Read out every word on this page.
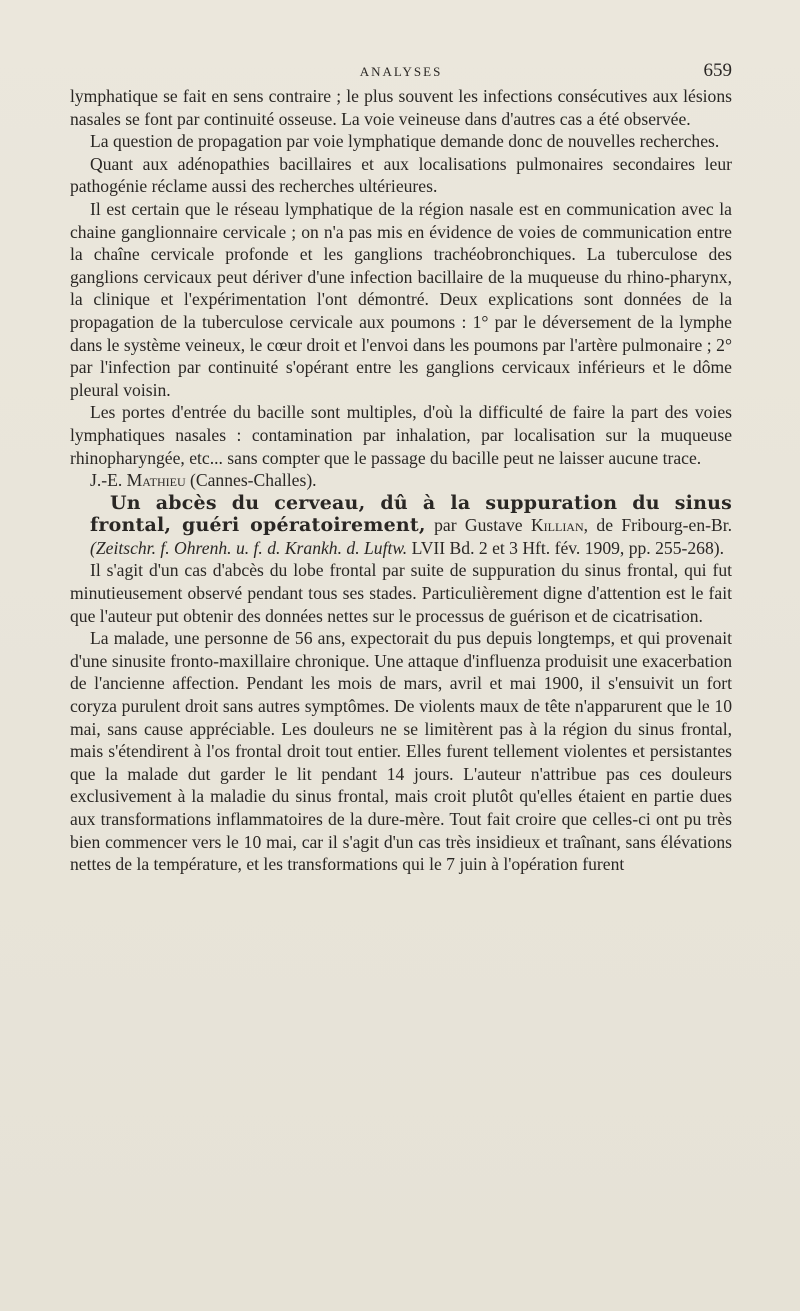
ANALYSES	659

lymphatique se fait en sens contraire ; le plus souvent les infections consécutives aux lésions nasales se font par continuité osseuse. La voie veineuse dans d'autres cas a été observée.

La question de propagation par voie lymphatique demande donc de nouvelles recherches.

Quant aux adénopathies bacillaires et aux localisations pulmonaires secondaires leur pathogénie réclame aussi des recherches ultérieures.

Il est certain que le réseau lymphatique de la région nasale est en communication avec la chaine ganglionnaire cervicale ; on n'a pas mis en évidence de voies de communication entre la chaîne cervicale profonde et les ganglions trachéobronchiques. La tuberculose des ganglions cervicaux peut dériver d'une infection bacillaire de la muqueuse du rhino-pharynx, la clinique et l'expérimentation l'ont démontré. Deux explications sont données de la propagation de la tuberculose cervicale aux poumons : 1° par le déversement de la lymphe dans le système veineux, le cœur droit et l'envoi dans les poumons par l'artère pulmonaire ; 2° par l'infection par continuité s'opérant entre les ganglions cervicaux inférieurs et le dôme pleural voisin.

Les portes d'entrée du bacille sont multiples, d'où la difficulté de faire la part des voies lymphatiques nasales : contamination par inhalation, par localisation sur la muqueuse rhinopharyngée, etc... sans compter que le passage du bacille peut ne laisser aucune trace.

J.-E. Mathieu (Cannes-Challes).

Un abcès du cerveau, dû à la suppuration du sinus frontal, guéri opératoirement, par Gustave Killian, de Fribourg-en-Br. (Zeitschr. f. Ohrenh. u. f. d. Krankh. d. Luftw. LVII Bd. 2 et 3 Hft. fév. 1909, pp. 255-268).

Il s'agit d'un cas d'abcès du lobe frontal par suite de suppuration du sinus frontal, qui fut minutieusement observé pendant tous ses stades. Particulièrement digne d'attention est le fait que l'auteur put obtenir des données nettes sur le processus de guérison et de cicatrisation.

La malade, une personne de 56 ans, expectorait du pus depuis longtemps, et qui provenait d'une sinusite fronto-maxillaire chronique. Une attaque d'influenza produisit une exacerbation de l'ancienne affection. Pendant les mois de mars, avril et mai 1900, il s'ensuivit un fort coryza purulent droit sans autres symptômes. De violents maux de tête n'apparurent que le 10 mai, sans cause appréciable. Les douleurs ne se limitèrent pas à la région du sinus frontal, mais s'étendirent à l'os frontal droit tout entier. Elles furent tellement violentes et persistantes que la malade dut garder le lit pendant 14 jours. L'auteur n'attribue pas ces douleurs exclusivement à la maladie du sinus frontal, mais croit plutôt qu'elles étaient en partie dues aux transformations inflammatoires de la dure-mère. Tout fait croire que celles-ci ont pu très bien commencer vers le 10 mai, car il s'agit d'un cas très insidieux et traînant, sans élévations nettes de la température, et les transformations qui le 7 juin à l'opération furent
